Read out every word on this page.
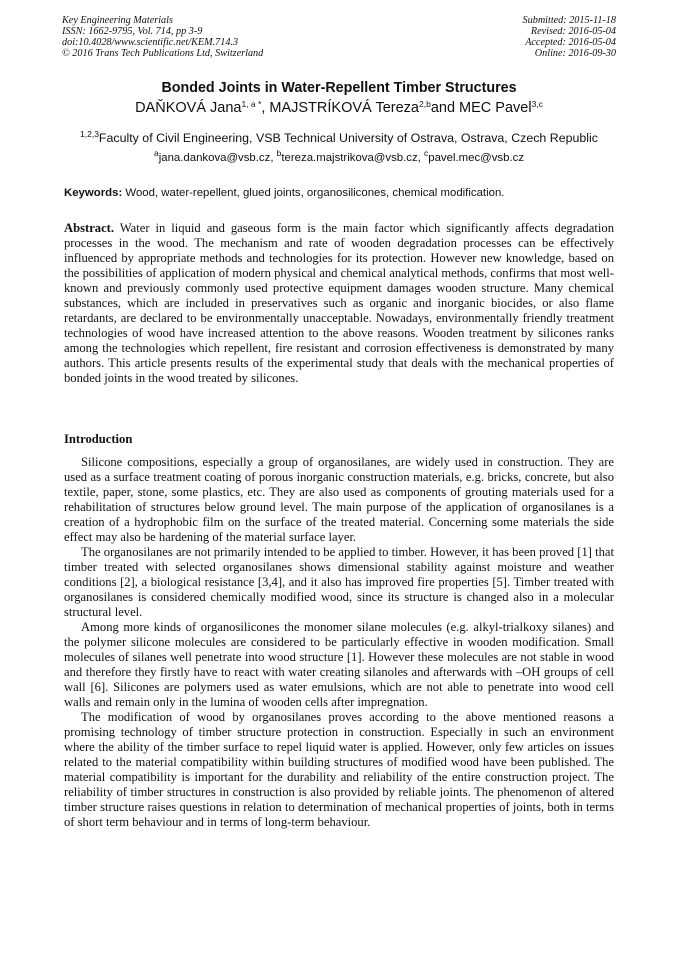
Key Engineering Materials
ISSN: 1662-9795, Vol. 714, pp 3-9
doi:10.4028/www.scientific.net/KEM.714.3
© 2016 Trans Tech Publications Ltd, Switzerland
Submitted: 2015-11-18
Revised: 2016-05-04
Accepted: 2016-05-04
Online: 2016-09-30
Bonded Joints in Water-Repellent Timber Structures
DAŇKOVÁ Jana$^{1, a *}$, MAJSTRÍKOVÁ Tereza$^{2,b}$and MEC Pavel$^{3,c}$
$^{1,2,3}$Faculty of Civil Engineering, VSB Technical University of Ostrava, Ostrava, Czech Republic
$^a$jana.dankova@vsb.cz, $^b$tereza.majstrikova@vsb.cz, $^c$pavel.mec@vsb.cz
Keywords: Wood, water-repellent, glued joints, organosilicones, chemical modification.
Abstract. Water in liquid and gaseous form is the main factor which significantly affects degradation processes in the wood. The mechanism and rate of wooden degradation processes can be effectively influenced by appropriate methods and technologies for its protection. However new knowledge, based on the possibilities of application of modern physical and chemical analytical methods, confirms that most well-known and previously commonly used protective equipment damages wooden structure. Many chemical substances, which are included in preservatives such as organic and inorganic biocides, or also flame retardants, are declared to be environmentally unacceptable. Nowadays, environmentally friendly treatment technologies of wood have increased attention to the above reasons. Wooden treatment by silicones ranks among the technologies which repellent, fire resistant and corrosion effectiveness is demonstrated by many authors. This article presents results of the experimental study that deals with the mechanical properties of bonded joints in the wood treated by silicones.
Introduction

Silicone compositions, especially a group of organosilanes, are widely used in construction. They are used as a surface treatment coating of porous inorganic construction materials, e.g. bricks, concrete, but also textile, paper, stone, some plastics, etc. They are also used as components of grouting materials used for a rehabilitation of structures below ground level. The main purpose of the application of organosilanes is a creation of a hydrophobic film on the surface of the treated material. Concerning some materials the side effect may also be hardening of the material surface layer.

The organosilanes are not primarily intended to be applied to timber. However, it has been proved [1] that timber treated with selected organosilanes shows dimensional stability against moisture and weather conditions [2], a biological resistance [3,4], and it also has improved fire properties [5]. Timber treated with organosilanes is considered chemically modified wood, since its structure is changed also in a molecular structural level.

Among more kinds of organosilicones the monomer silane molecules (e.g. alkyl-trialkoxy silanes) and the polymer silicone molecules are considered to be particularly effective in wooden modification. Small molecules of silanes well penetrate into wood structure [1]. However these molecules are not stable in wood and therefore they firstly have to react with water creating silanoles and afterwards with –OH groups of cell wall [6]. Silicones are polymers used as water emulsions, which are not able to penetrate into wood cell walls and remain only in the lumina of wooden cells after impregnation.

The modification of wood by organosilanes proves according to the above mentioned reasons a promising technology of timber structure protection in construction. Especially in such an environment where the ability of the timber surface to repel liquid water is applied. However, only few articles on issues related to the material compatibility within building structures of modified wood have been published. The material compatibility is important for the durability and reliability of the entire construction project. The reliability of timber structures in construction is also provided by reliable joints. The phenomenon of altered timber structure raises questions in relation to determination of mechanical properties of joints, both in terms of short term behaviour and in terms of long-term behaviour.
